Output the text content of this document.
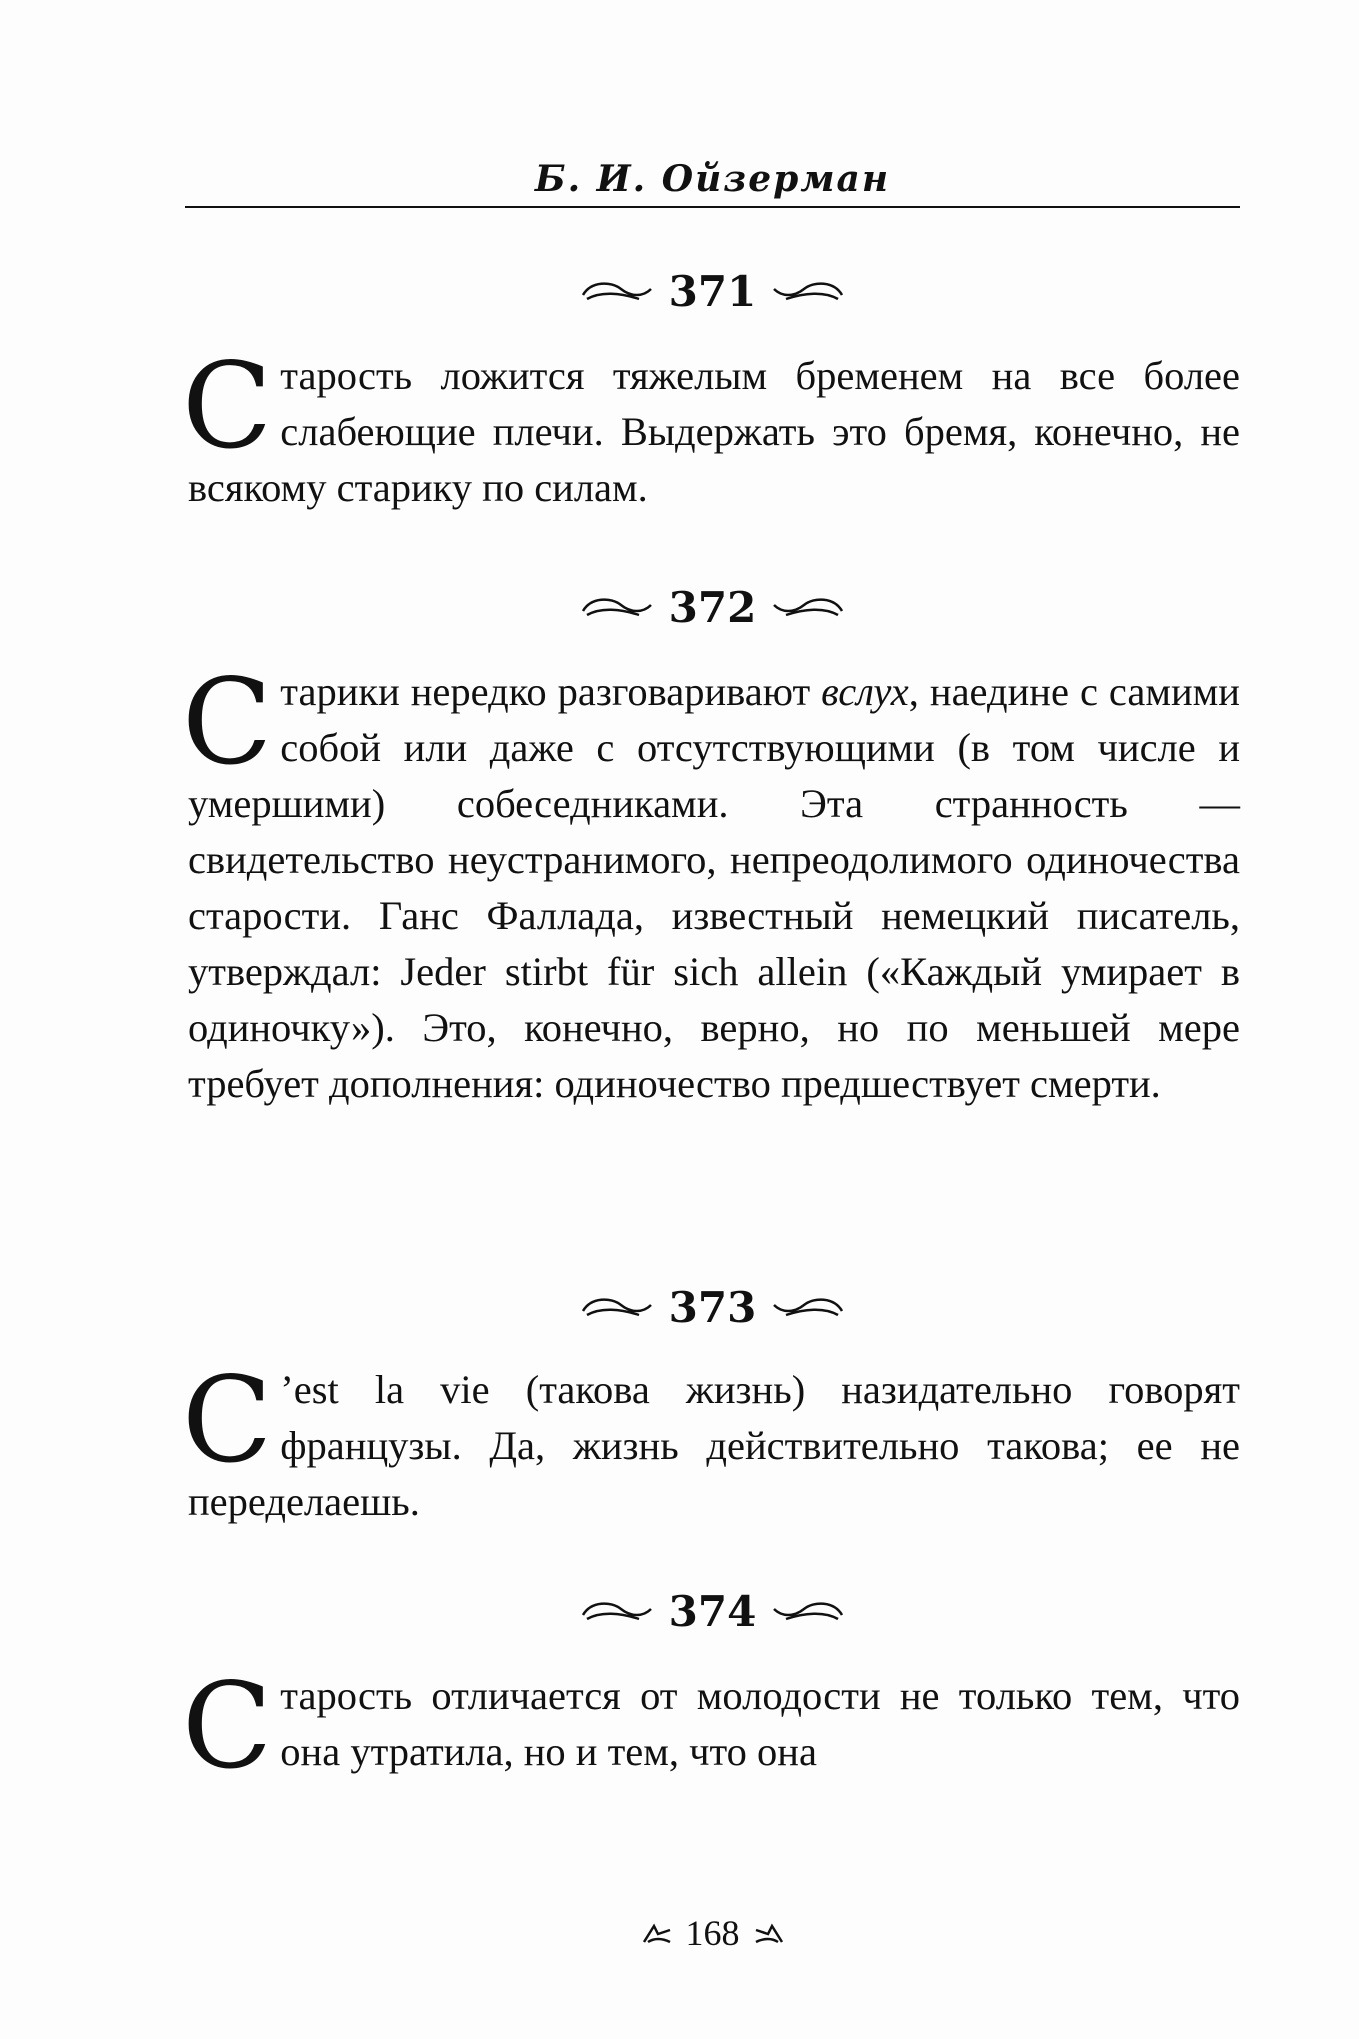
Б. И. Ойзерман
371

Старость ложится тяжелым бременем на все более слабеющие плечи. Выдержать это бремя, конечно, не всякому старику по силам.

372

Старики нередко разговаривают вслух, наедине с самими собой или даже с отсутствующими (в том числе и умершими) собеседниками. Эта странность — свидетельство неустранимого, непреодолимого одиночества старости. Ганс Фаллада, известный немецкий писатель, утверждал: Jeder stirbt für sich allein («Каждый умирает в одиночку»). Это, конечно, верно, но по меньшей мере требует дополнения: одиночество предшествует смерти.

373

С ’est la vie (такова жизнь) назидательно говорят французы. Да, жизнь действительно такова; ее не переделаешь.

374

Старость отличается от молодости не только тем, что она утратила, но и тем, что она

168
